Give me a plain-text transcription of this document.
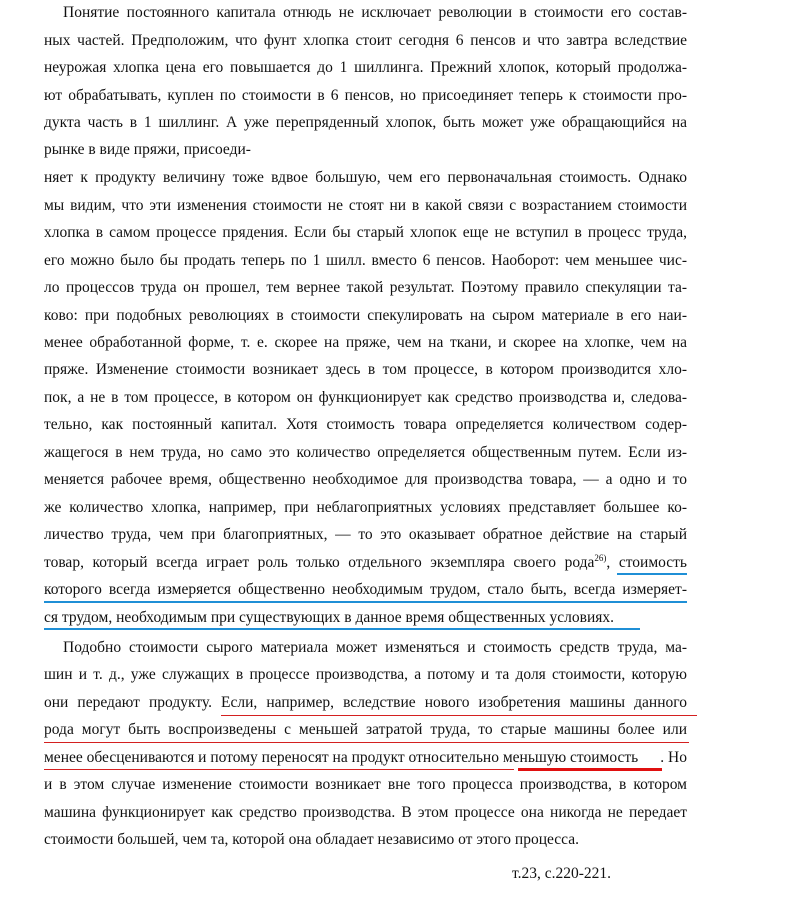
Понятие постоянного капитала отнюдь не исключает революции в стоимости его состав-
ных частей. Предположим, что фунт хлопка стоит сегодня 6 пенсов и что завтра вследствие
неурожая хлопка цена его повышается до 1 шиллинга. Прежний хлопок, который продолжа-
ют обрабатывать, куплен по стоимости в 6 пенсов, но присоединяет теперь к стоимости про-
дукта часть в 1 шиллинг. А уже перепряденный хлопок, быть может уже обращающийся на
рынке в виде пряжи, присоеди-
няет к продукту величину тоже вдвое большую, чем его первоначальная стоимость. Однако
мы видим, что эти изменения стоимости не стоят ни в какой связи с возрастанием стоимости
хлопка в самом процессе прядения. Если бы старый хлопок еще не вступил в процесс труда,
его можно было бы продать теперь по 1 шилл. вместо 6 пенсов. Наоборот: чем меньшее чис-
ло процессов труда он прошел, тем вернее такой результат. Поэтому правило спекуляции та-
ково: при подобных революциях в стоимости спекулировать на сыром материале в его наи-
менее обработанной форме, т. е. скорее на пряже, чем на ткани, и скорее на хлопке, чем на
пряже. Изменение стоимости возникает здесь в том процессе, в котором производится хло-
пок, а не в том процессе, в котором он функционирует как средство производства и, следова-
тельно, как постоянный капитал. Хотя стоимость товара определяется количеством содер-
жащегося в нем труда, но само это количество определяется общественным путем. Если из-
меняется рабочее время, общественно необходимое для производства товара, — а одно и то
же количество хлопка, например, при неблагоприятных условиях представляет большее ко-
личество труда, чем при благоприятных, — то это оказывает обратное действие на старый
товар, который всегда играет роль только отдельного экземпляра своего рода$^{26)}$, стоимость
которого всегда измеряется общественно необходимым трудом, стало быть, всегда измеряет-
ся трудом, необходимым при существующих в данное время общественных условиях.
Подобно стоимости сырого материала может изменяться и стоимость средств труда, ма-
шин и т. д., уже служащих в процессе производства, а потому и та доля стоимости, которую
они передают продукту. Если, например, вследствие нового изобретения машины данного
рода могут быть воспроизведены с меньшей затратой труда, то старые машины более или
менее обесцениваются и потому переносят на продукт относительно меньшую стоимость . Но
и в этом случае изменение стоимости возникает вне того процесса производства, в котором
машина функционирует как средство производства. В этом процессе она никогда не передает
стоимости большей, чем та, которой она обладает независимо от этого процесса.
т.23, с.220-221.
